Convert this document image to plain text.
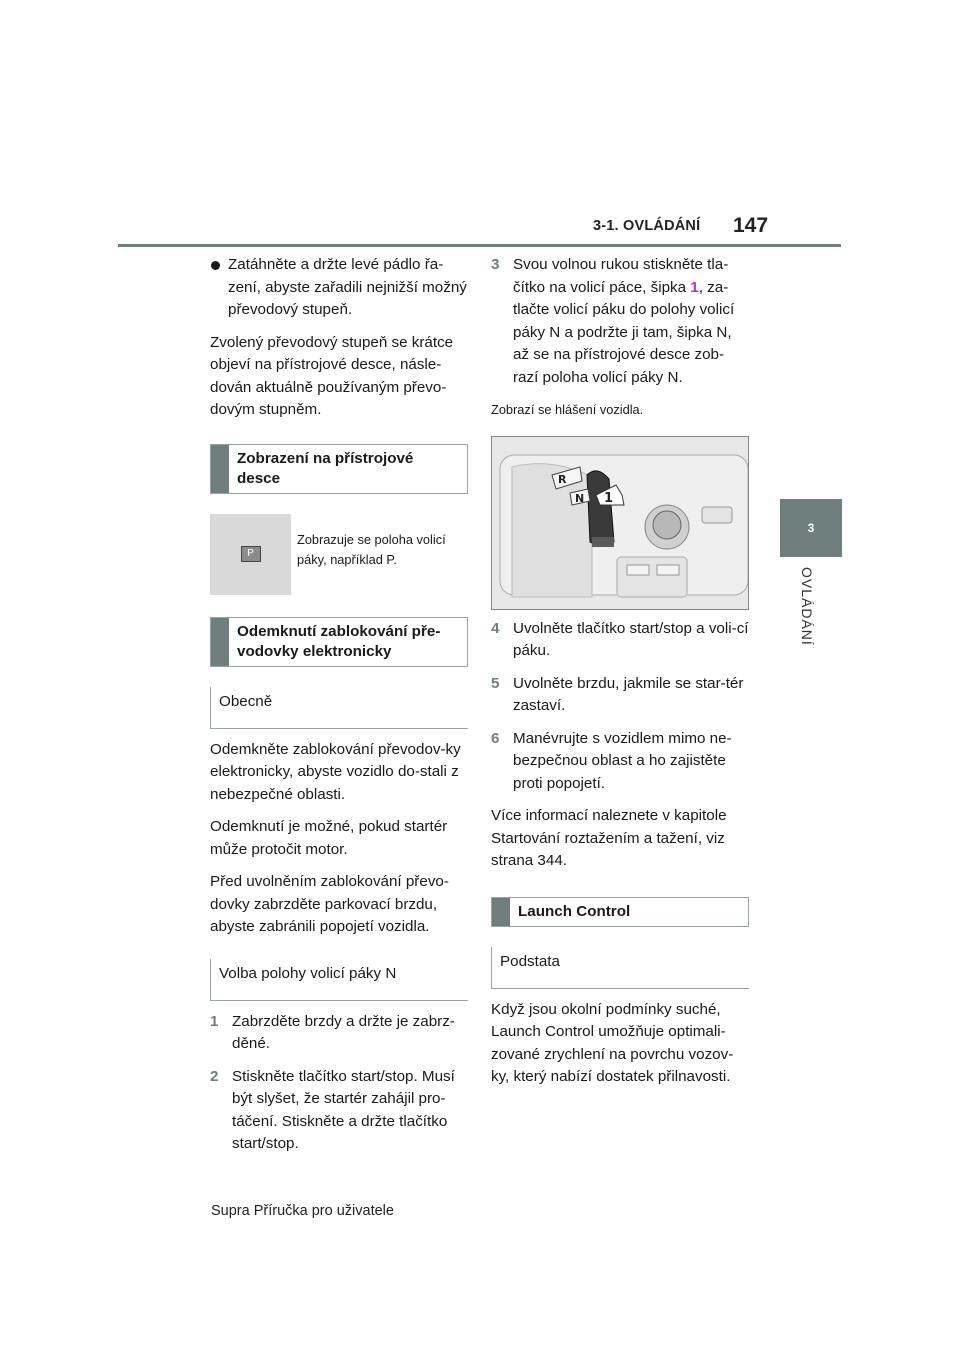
3-1. OVLÁDÁNÍ 147
3
OVLÁDÁNÍ
Zatáhněte a držte levé pádlo řa-zení, abyste zařadili nejnižší možný převodový stupeň.

Zvolený převodový stupeň se krátce objeví na přístrojové desce, násle-dován aktuálně používaným převo-dovým stupněm.

Zobrazení na přístrojové desce
P
Zobrazuje se poloha volicí páky, například P.
Odemknutí zablokování pře-vodovky elektronicky
Obecně

Odemkněte zablokování převodov-ky elektronicky, abyste vozidlo do-stali z nebezpečné oblasti.

Odemknutí je možné, pokud startér může protočit motor.

Před uvolněním zablokování převo-dovky zabrzděte parkovací brzdu, abyste zabránili popojetí vozidla.

Volba polohy volicí páky N
1 Zabrzděte brzdy a držte je zabrz-děné.
2 Stiskněte tlačítko start/stop. Musí být slyšet, že startér zahájil pro-táčení. Stiskněte a držte tlačítko start/stop.
3 Svou volnou rukou stiskněte tla-čítko na volicí páce, šipka 1, za-tlačte volicí páku do polohy volicí páky N a podržte ji tam, šipka N, až se na přístrojové desce zob-razí poloha volicí páky N.

Zobrazí se hlášení vozidla.

R
N 1
4 Uvolněte tlačítko start/stop a voli-cí páku.
5 Uvolněte brzdu, jakmile se star-tér zastaví.
6 Manévrujte s vozidlem mimo ne-bezpečnou oblast a ho zajistěte proti popojetí.

Více informací naleznete v kapitole Startování roztažením a tažení, viz strana 344.

Launch Control
Podstata

Když jsou okolní podmínky suché, Launch Control umožňuje optimali-zované zrychlení na povrchu vozov-ky, který nabízí dostatek přilnavosti.

Supra Příručka pro uživatele
